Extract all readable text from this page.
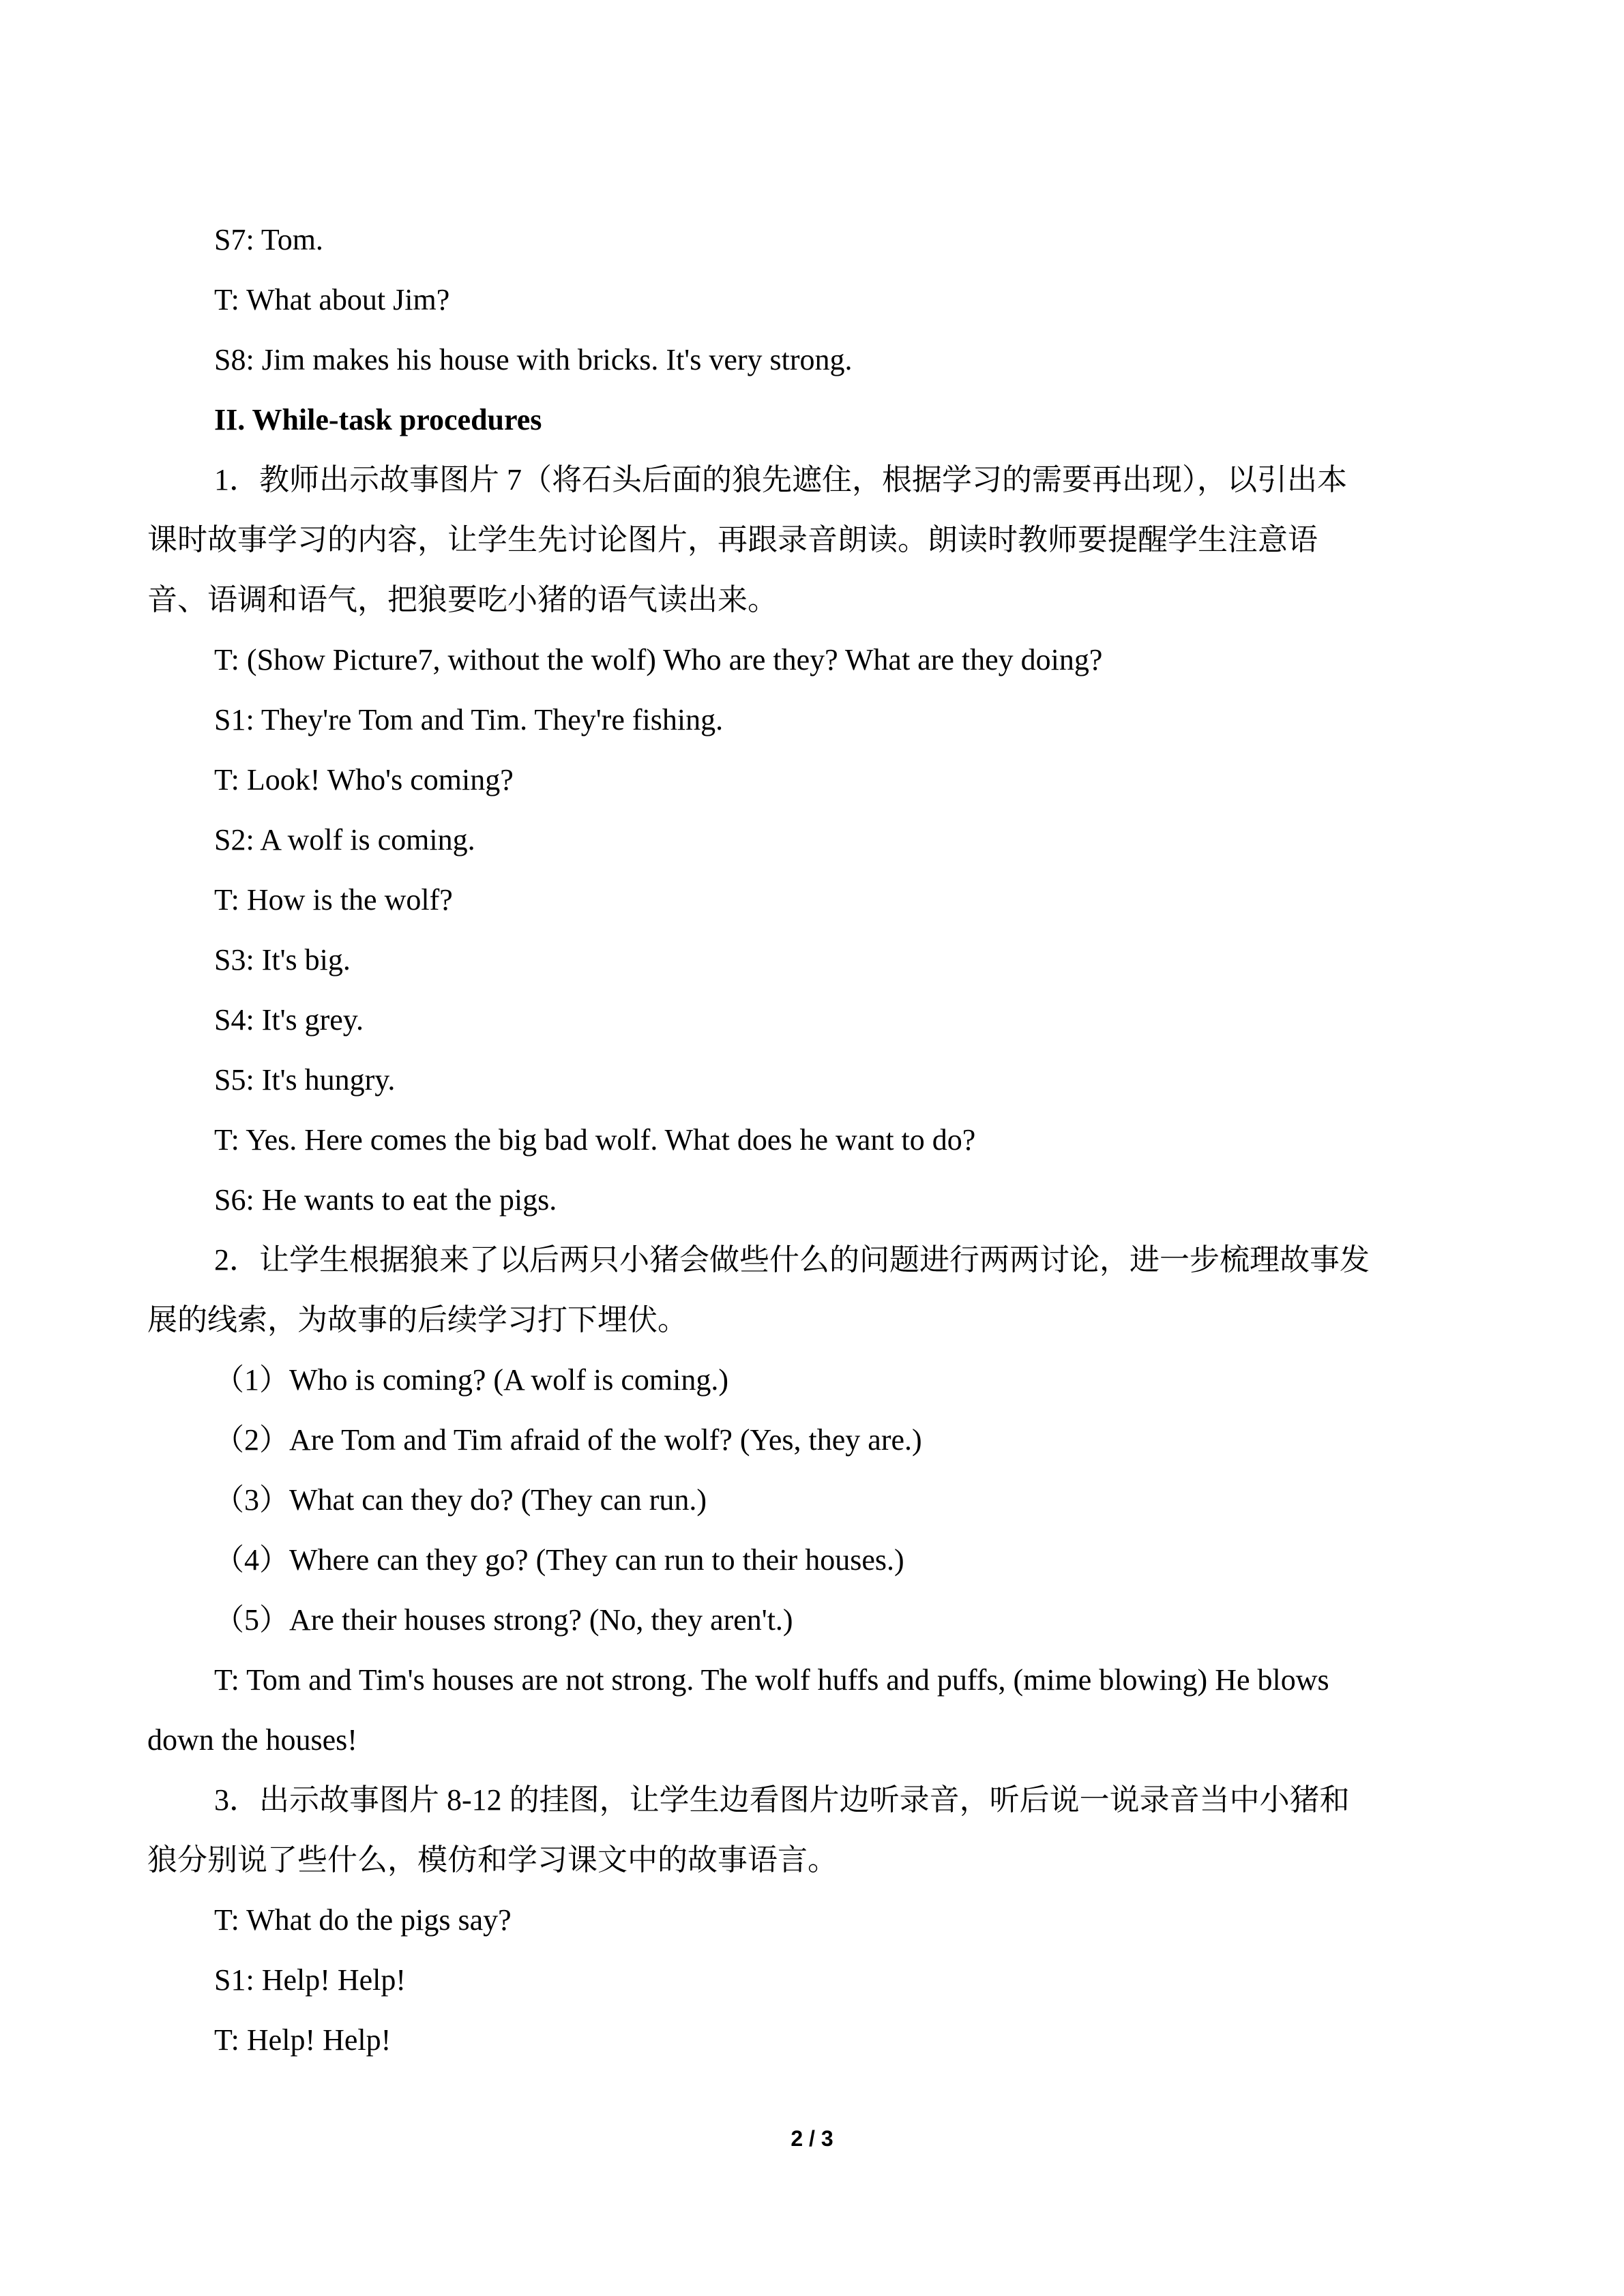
S7: Tom.
T: What about Jim?
S8: Jim makes his house with bricks. It's very strong.
II. While-task procedures
1．教师出示故事图片 7（将石头后面的狼先遮住，根据学习的需要再出现），以引出本
课时故事学习的内容，让学生先讨论图片，再跟录音朗读。朗读时教师要提醒学生注意语
音、语调和语气，把狼要吃小猪的语气读出来。
T: (Show Picture7, without the wolf) Who are they? What are they doing?
S1: They're Tom and Tim. They're fishing.
T: Look! Who's coming?
S2: A wolf is coming.
T: How is the wolf?
S3: It's big.
S4: It's grey.
S5: It's hungry.
T: Yes. Here comes the big bad wolf. What does he want to do?
S6: He wants to eat the pigs.
2．让学生根据狼来了以后两只小猪会做些什么的问题进行两两讨论，进一步梳理故事发
展的线索，为故事的后续学习打下埋伏。
（1）Who is coming? (A wolf is coming.)
（2）Are Tom and Tim afraid of the wolf? (Yes, they are.)
（3）What can they do? (They can run.)
（4）Where can they go? (They can run to their houses.)
（5）Are their houses strong? (No, they aren't.)
T: Tom and Tim's houses are not strong. The wolf huffs and puffs, (mime blowing) He blows
down the houses!
3．出示故事图片 8-12 的挂图，让学生边看图片边听录音，听后说一说录音当中小猪和
狼分别说了些什么，模仿和学习课文中的故事语言。
T: What do the pigs say?
S1: Help! Help!
T: Help! Help!
2 / 3
